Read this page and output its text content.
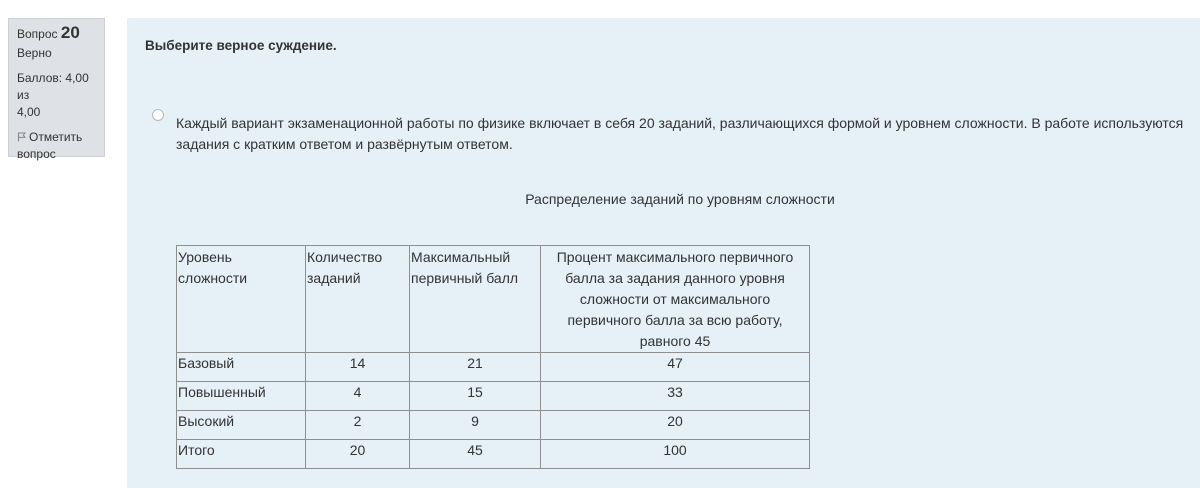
Вопрос 20
Верно
Баллов: 4,00 из
4,00
Отметить
вопрос
Выберите верное суждение.
Каждый вариант экзаменационной работы по физике включает в себя 20 заданий, различающихся формой и уровнем сложности. В работе используются задания с кратким ответом и развёрнутым ответом.
Распределение заданий по уровням сложности
Уровень сложности	Количество заданий	Максимальный первичный балл	Процент максимального первичного балла за задания данного уровня сложности от максимального первичного балла за всю работу, равного 45
Базовый	14	21	47
Повышенный	4	15	33
Высокий	2	9	20
Итого	20	45	100
